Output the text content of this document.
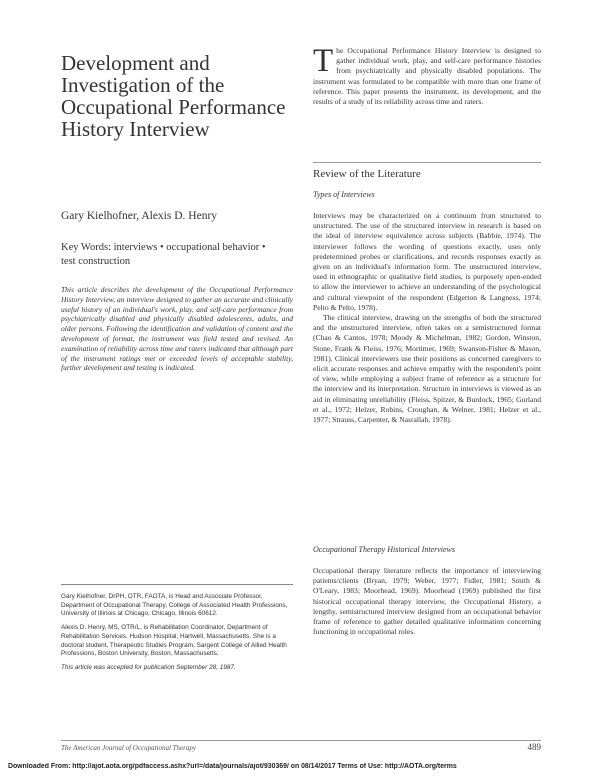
Development and Investigation of the Occupational Performance History Interview
Gary Kielhofner, Alexis D. Henry
Key Words: interviews • occupational behavior • test construction
This article describes the development of the Occupational Performance History Interview, an interview designed to gather an accurate and clinically useful history of an individual's work, play, and self-care performance from psychiatrically disabled and physically disabled adolescents, adults, and older persons. Following the identification and validation of content and the development of format, the instrument was field tested and revised. An examination of reliability across time and raters indicated that although part of the instrument ratings met or exceeded levels of acceptable stability, further development and testing is indicated.

Gary Kielhofner, DrPH, OTR, FAOTA, is Head and Associate Professor, Department of Occupational Therapy, College of Associated Health Professions, University of Illinois at Chicago, Chicago, Illinois 60612.

Alexis D. Henry, MS, OTR/L, is Rehabilitation Coordinator, Department of Rehabilitation Services, Hudson Hospital, Hartwell, Massachusetts. She is a doctoral student, Therapeutic Studies Program, Sargent College of Allied Health Professions, Boston University, Boston, Massachusetts.

This article was accepted for publication September 28, 1987.

The Occupational Performance History Interview is designed to gather individual work, play, and self-care performance histories from psychiatrically and physically disabled populations. The instrument was formulated to be compatible with more than one frame of reference. This paper presents the instrument, its development, and the results of a study of its reliability across time and raters.
Review of the Literature
Types of Interviews

Interviews may be characterized on a continuum from structured to unstructured. The use of the structured interview in research is based on the ideal of interview equivalence across subjects (Babbie, 1974). The interviewer follows the wording of questions exactly, uses only predetermined probes or clarifications, and records responses exactly as given on an individual's information form. The unstructured interview, used in ethnographic or qualitative field studies, is purposely open-ended to allow the interviewer to achieve an understanding of the psychological and cultural viewpoint of the respondent (Edgerton & Langness, 1974; Pelto & Pelto, 1978).

The clinical interview, drawing on the strengths of both the structured and the unstructured interview, often takes on a semistructured format (Chao & Cantos, 1978; Moody & Michelman, 1982; Gordon, Winston, Stone, Frank & Fleiss, 1976; Mortimer, 1969; Swanson-Fisher & Mason, 1981). Clinical interviewers use their positions as concerned caregivers to elicit accurate responses and achieve empathy with the respondent's point of view, while employing a subject frame of reference as a structure for the interview and its interpretation. Structure in interviews is viewed as an aid in eliminating unreliability (Fleiss, Spitzer, & Burdock, 1965; Gurland et al., 1972; Helzer, Robins, Croughan, & Welner, 1981; Helzer et al., 1977; Strauss, Carpenter, & Nasrallah, 1978).

Occupational Therapy Historical Interviews
Occupational therapy literature reflects the importance of interviewing patients/clients (Bryan, 1979; Weber, 1977; Fidler, 1981; Smith & O'Leary, 1983; Moorhead, 1969). Moorhead (1969) published the first historical occupational therapy interview, the Occupational History, a lengthy, semistructured interview designed from an occupational behavior frame of reference to gather detailed qualitative information concerning functioning in occupational roles.
The American Journal of Occupational Therapy	489
Downloaded From: http://ajot.aota.org/pdfaccess.ashx?url=/data/journals/ajot/930369/ on 08/14/2017 Terms of Use: http://AOTA.org/terms
